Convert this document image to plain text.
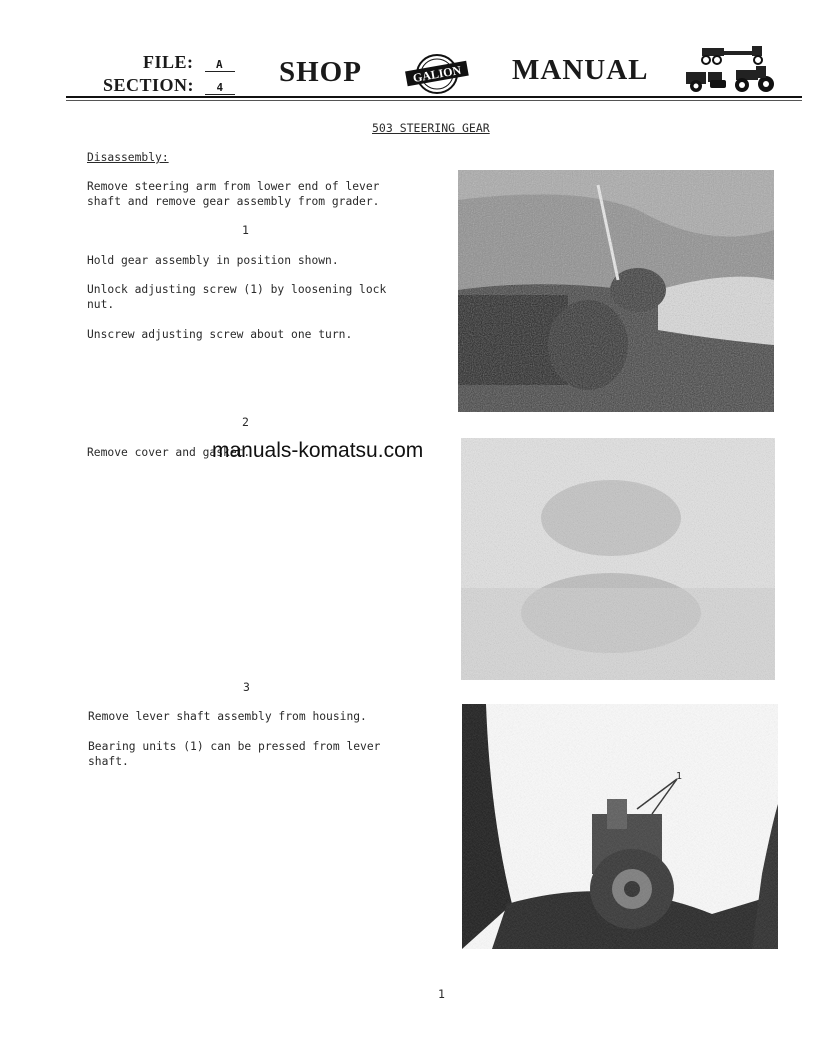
FILE: A
SECTION: 4	SHOP	GALION MANUAL
503 STEERING GEAR
Disassembly:
Remove steering arm from lower end of lever
shaft and remove gear assembly from grader.
1
Hold gear assembly in position shown.
Unlock adjusting screw (1) by loosening lock
nut.
Unscrew adjusting screw about one turn.
2
Remove cover and gasket.
3
Remove lever shaft assembly from housing.
Bearing units (1) can be pressed from lever
shaft.
manuals-komatsu.com
1
1
